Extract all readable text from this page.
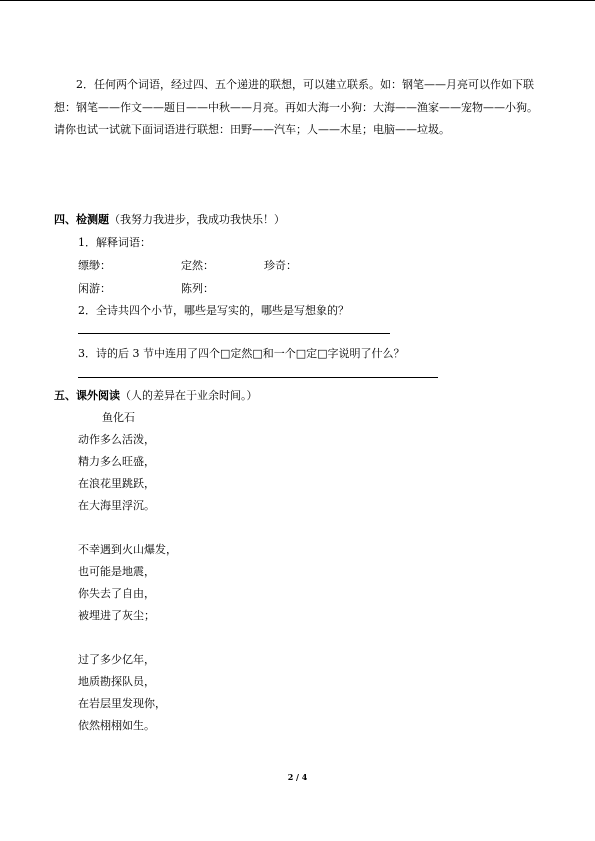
2．任何两个词语，经过四、五个递进的联想，可以建立联系。如：钢笔——月亮可以作如下联想：钢笔——作文——题目——中秋——月亮。再如大海一小狗：大海——渔家——宠物——小狗。请你也试一试就下面词语进行联想：田野——汽车；人——木星；电脑——垃圾。

四、检测题（我努力我进步，我成功我快乐！）
1．解释词语：
缥缈：	定然：	珍奇：
闲游：	陈列：
2．全诗共四个小节，哪些是写实的，哪些是写想象的？
3．诗的后 3 节中连用了四个□定然□和一个□定□字说明了什么？
五、课外阅读（人的差异在于业余时间。）
鱼化石
动作多么活泼，
精力多么旺盛，
在浪花里跳跃，
在大海里浮沉。
不幸遇到火山爆发，
也可能是地震，
你失去了自由，
被埋进了灰尘；
过了多少亿年，
地质勘探队员，
在岩层里发现你，
依然栩栩如生。
2 / 4
